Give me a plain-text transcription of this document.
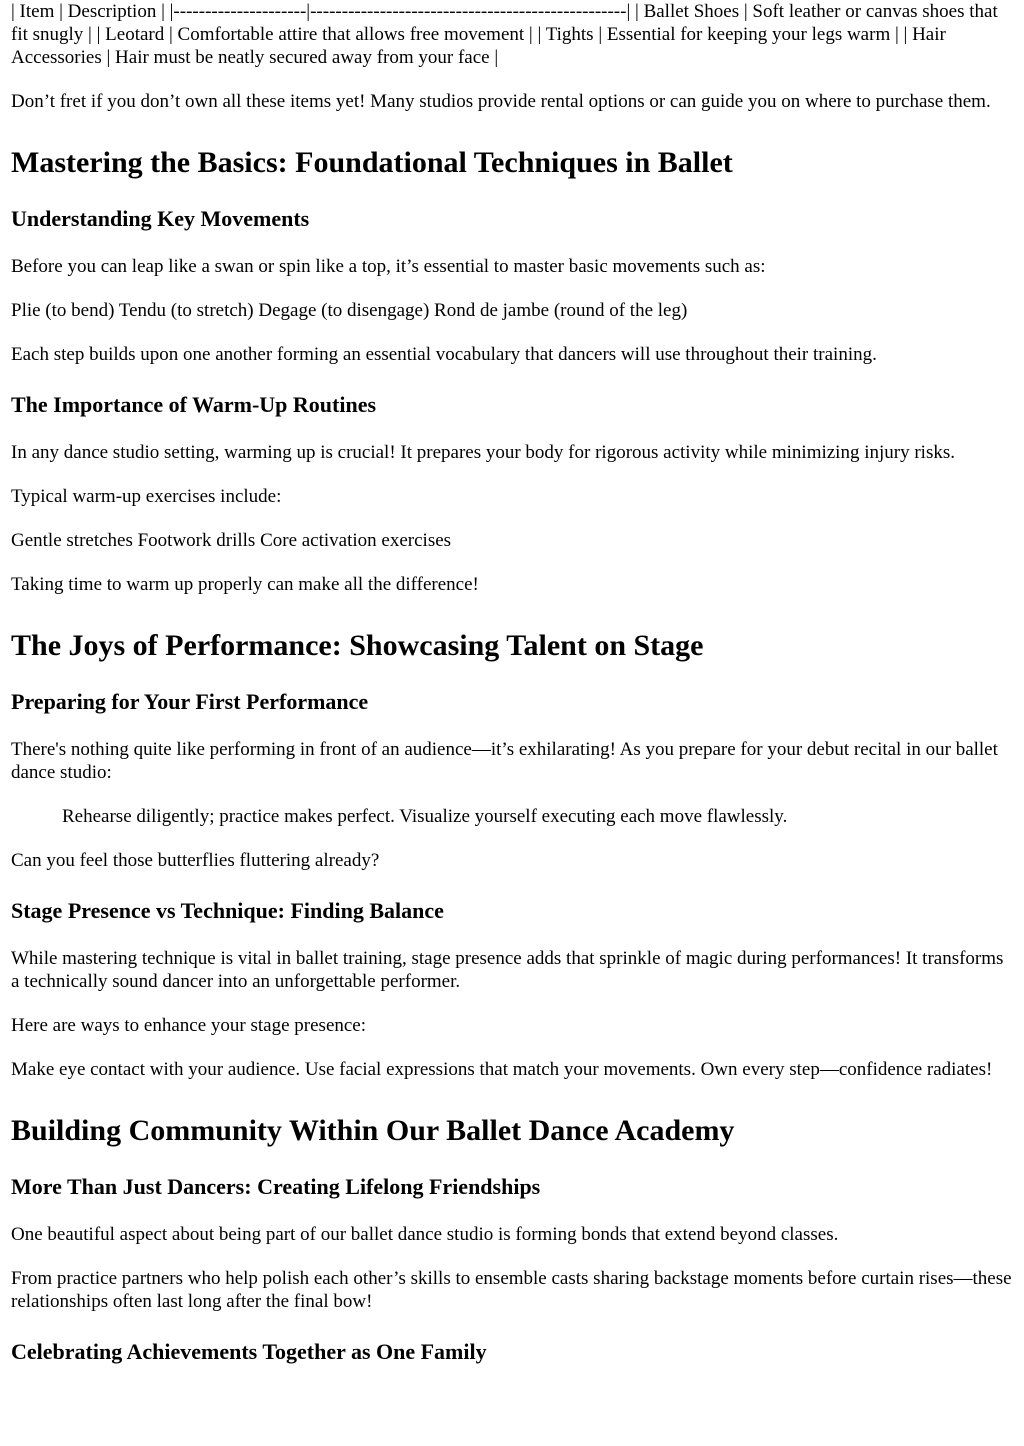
| Item | Description | |---------------------|--------------------------------------------------| | Ballet Shoes | Soft leather or canvas shoes that fit snugly | | Leotard | Comfortable attire that allows free movement | | Tights | Essential for keeping your legs warm | | Hair Accessories | Hair must be neatly secured away from your face |

Don’t fret if you don’t own all these items yet! Many studios provide rental options or can guide you on where to purchase them.

Mastering the Basics: Foundational Techniques in Ballet
Understanding Key Movements

Before you can leap like a swan or spin like a top, it’s essential to master basic movements such as:

Plie (to bend) Tendu (to stretch) Degage (to disengage) Rond de jambe (round of the leg)

Each step builds upon one another forming an essential vocabulary that dancers will use throughout their training.

The Importance of Warm-Up Routines

In any dance studio setting, warming up is crucial! It prepares your body for rigorous activity while minimizing injury risks.

Typical warm-up exercises include:

Gentle stretches Footwork drills Core activation exercises

Taking time to warm up properly can make all the difference!

The Joys of Performance: Showcasing Talent on Stage
Preparing for Your First Performance

There's nothing quite like performing in front of an audience—it’s exhilarating! As you prepare for your debut recital in our ballet dance studio:

Rehearse diligently; practice makes perfect. Visualize yourself executing each move flawlessly.

Can you feel those butterflies fluttering already?

Stage Presence vs Technique: Finding Balance

While mastering technique is vital in ballet training, stage presence adds that sprinkle of magic during performances! It transforms a technically sound dancer into an unforgettable performer.

Here are ways to enhance your stage presence:

Make eye contact with your audience. Use facial expressions that match your movements. Own every step—confidence radiates!

Building Community Within Our Ballet Dance Academy
More Than Just Dancers: Creating Lifelong Friendships

One beautiful aspect about being part of our ballet dance studio is forming bonds that extend beyond classes.

From practice partners who help polish each other’s skills to ensemble casts sharing backstage moments before curtain rises—these relationships often last long after the final bow!

Celebrating Achievements Together as One Family
